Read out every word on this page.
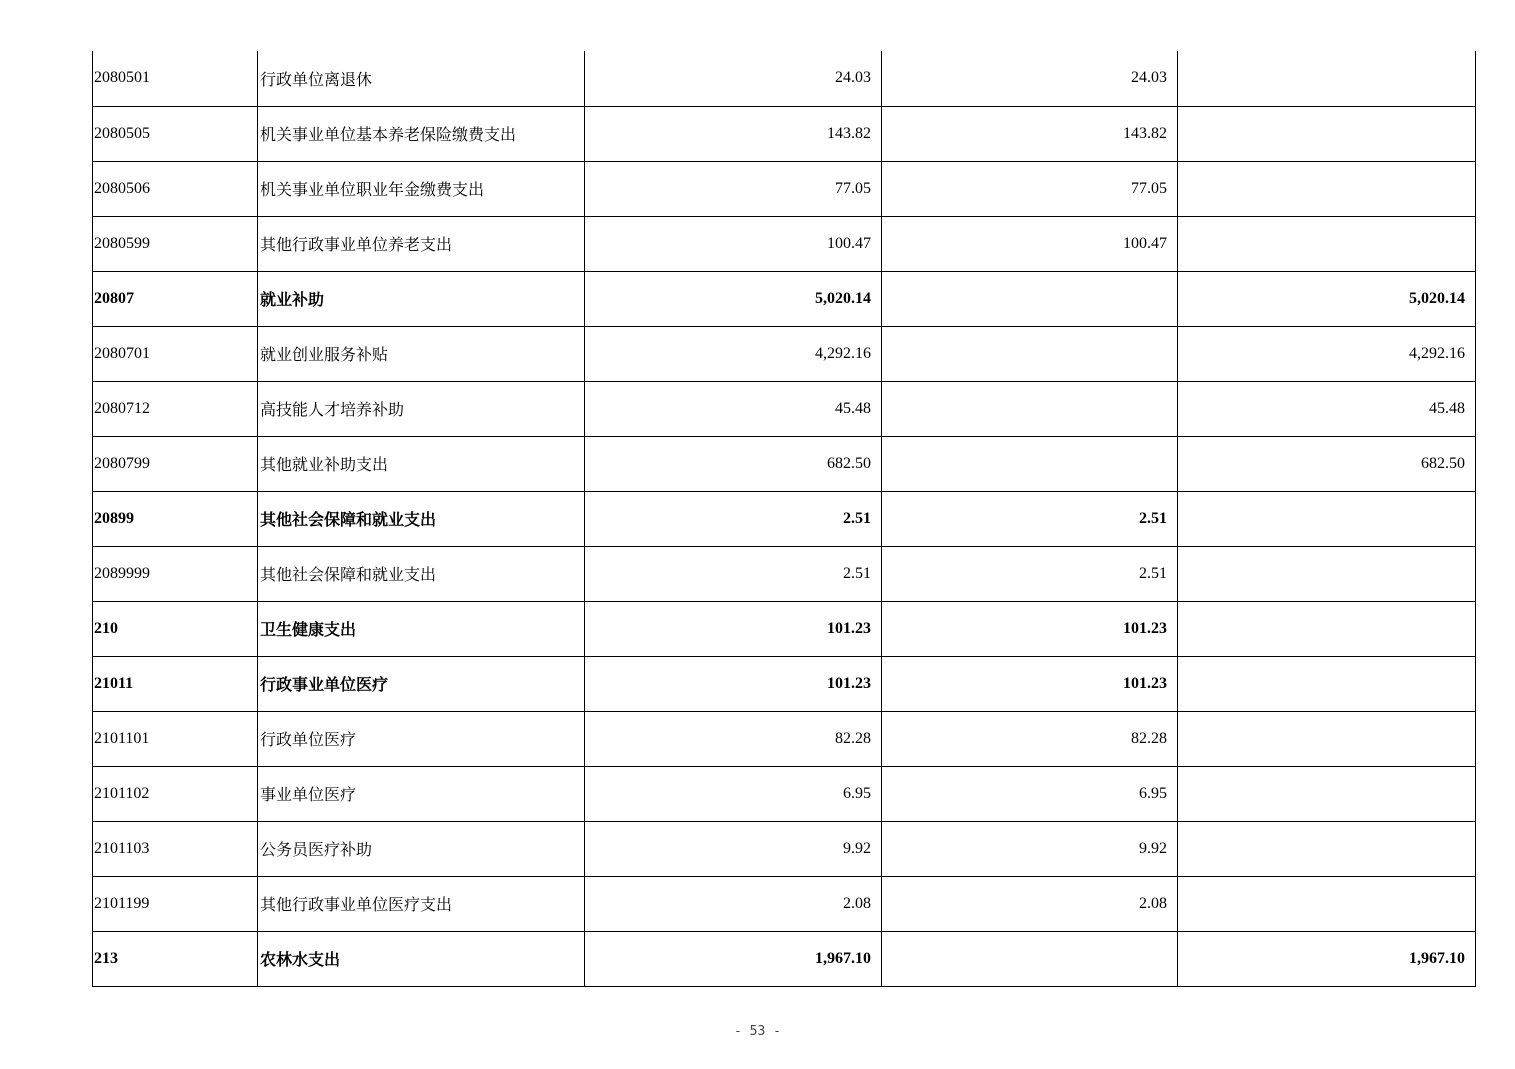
2080501	行政单位离退休	24.03	24.03	
2080505	机关事业单位基本养老保险缴费支出	143.82	143.82	
2080506	机关事业单位职业年金缴费支出	77.05	77.05	
2080599	其他行政事业单位养老支出	100.47	100.47	
20807	就业补助	5,020.14		5,020.14
2080701	就业创业服务补贴	4,292.16		4,292.16
2080712	高技能人才培养补助	45.48		45.48
2080799	其他就业补助支出	682.50		682.50
20899	其他社会保障和就业支出	2.51	2.51	
2089999	其他社会保障和就业支出	2.51	2.51	
210	卫生健康支出	101.23	101.23	
21011	行政事业单位医疗	101.23	101.23	
2101101	行政单位医疗	82.28	82.28	
2101102	事业单位医疗	6.95	6.95	
2101103	公务员医疗补助	9.92	9.92	
2101199	其他行政事业单位医疗支出	2.08	2.08	
213	农林水支出	1,967.10		1,967.10
- 53 -
